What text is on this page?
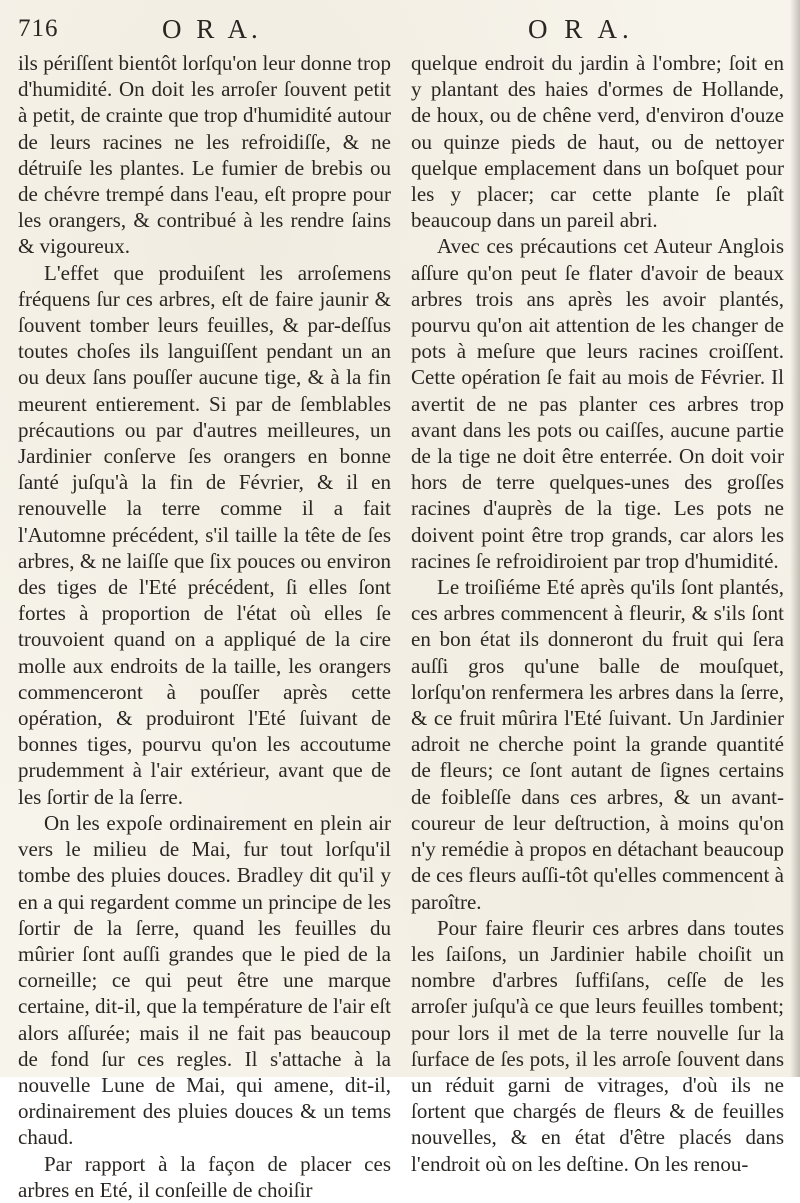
716	O R A.	O R A.

ils périſſent bientôt lorſqu'on leur donne trop d'humidité. On doit les arroſer ſouvent petit à petit, de crainte que trop d'humidité autour de leurs racines ne les refroidiſſe, & ne détruiſe les plantes. Le fumier de brebis ou de chévre trempé dans l'eau, eſt propre pour les orangers, & contribué à les rendre ſains & vigoureux.

L'effet que produiſent les arroſemens fréquens ſur ces arbres, eſt de faire jaunir & ſouvent tomber leurs feuilles, & par-deſſus toutes choſes ils languiſſent pendant un an ou deux ſans pouſſer aucune tige, & à la fin meurent entierement. Si par de ſemblables précautions ou par d'autres meilleures, un Jardinier conſerve ſes orangers en bonne ſanté juſqu'à la fin de Février, & il en renouvelle la terre comme il a fait l'Automne précédent, s'il taille la tête de ſes arbres, & ne laiſſe que ſix pouces ou environ des tiges de l'Eté précédent, ſi elles ſont fortes à proportion de l'état où elles ſe trouvoient quand on a appliqué de la cire molle aux endroits de la taille, les orangers commenceront à pouſſer après cette opération, & produiront l'Eté ſuivant de bonnes tiges, pourvu qu'on les accoutume prudemment à l'air extérieur, avant que de les ſortir de la ſerre.

On les expoſe ordinairement en plein air vers le milieu de Mai, fur tout lorſqu'il tombe des pluies douces. Bradley dit qu'il y en a qui regardent comme un principe de les ſortir de la ſerre, quand les feuilles du mûrier ſont auſſi grandes que le pied de la corneille; ce qui peut être une marque certaine, dit-il, que la température de l'air eſt alors aſſurée; mais il ne fait pas beaucoup de fond ſur ces regles. Il s'attache à la nouvelle Lune de Mai, qui amene, dit-il, ordinairement des pluies douces & un tems chaud.

Par rapport à la façon de placer ces arbres en Eté, il conſeille de choiſir

quelque endroit du jardin à l'ombre; ſoit en y plantant des haies d'ormes de Hollande, de houx, ou de chêne verd, d'environ d'ouze ou quinze pieds de haut, ou de nettoyer quelque emplacement dans un boſquet pour les y placer; car cette plante ſe plaît beaucoup dans un pareil abri.

Avec ces précautions cet Auteur Anglois aſſure qu'on peut ſe flater d'avoir de beaux arbres trois ans après les avoir plantés, pourvu qu'on ait attention de les changer de pots à meſure que leurs racines croiſſent. Cette opération ſe fait au mois de Février. Il avertit de ne pas planter ces arbres trop avant dans les pots ou caiſſes, aucune partie de la tige ne doit être enterrée. On doit voir hors de terre quelques-unes des groſſes racines d'auprès de la tige. Les pots ne doivent point être trop grands, car alors les racines ſe refroidiroient par trop d'humidité.

Le troiſiéme Eté après qu'ils ſont plantés, ces arbres commencent à fleurir, & s'ils ſont en bon état ils donneront du fruit qui ſera auſſi gros qu'une balle de mouſquet, lorſqu'on renfermera les arbres dans la ſerre, & ce fruit mûrira l'Eté ſuivant. Un Jardinier adroit ne cherche point la grande quantité de fleurs; ce ſont autant de ſignes certains de foibleſſe dans ces arbres, & un avant-coureur de leur deſtruction, à moins qu'on n'y remédie à propos en détachant beaucoup de ces fleurs auſſi-tôt qu'elles commencent à paroître.

Pour faire fleurir ces arbres dans toutes les ſaiſons, un Jardinier habile choiſit un nombre d'arbres ſuffiſans, ceſſe de les arroſer juſqu'à ce que leurs feuilles tombent; pour lors il met de la terre nouvelle ſur la ſurface de ſes pots, il les arroſe ſouvent dans un réduit garni de vitrages, d'où ils ne ſortent que chargés de fleurs & de feuilles nouvelles, & en état d'être placés dans l'endroit où on les deſtine. On les renou-
